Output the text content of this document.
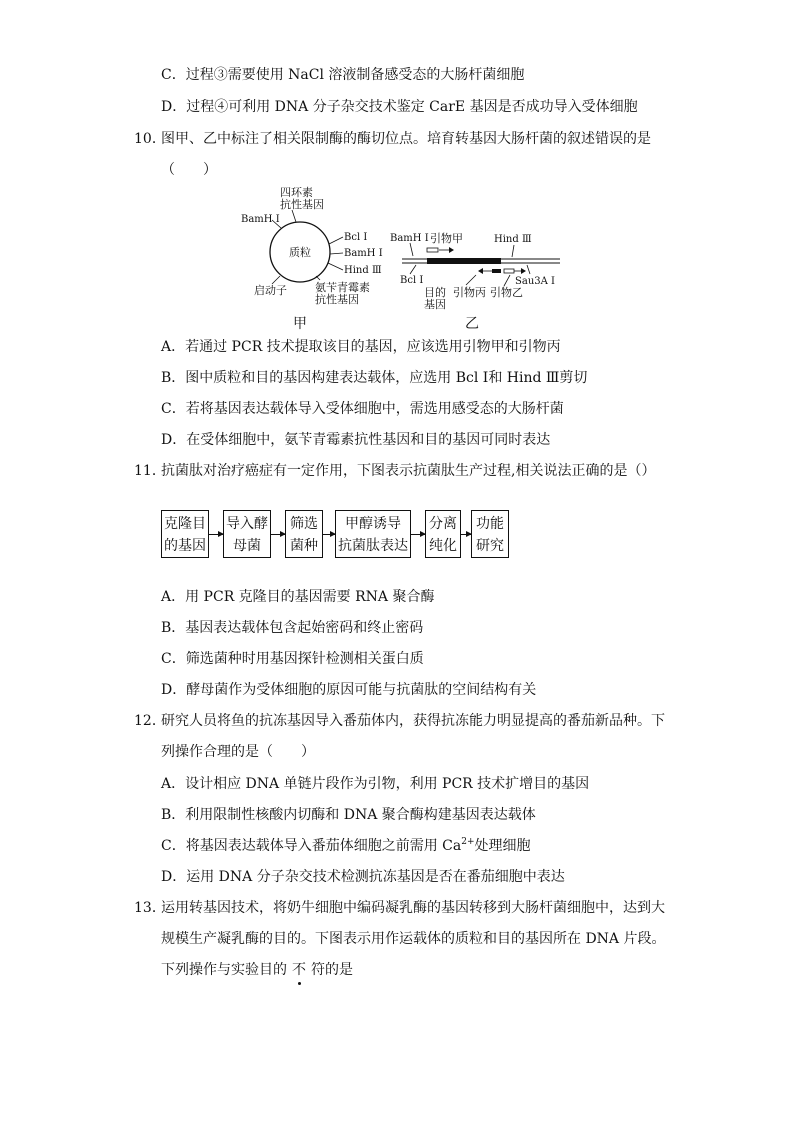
C．过程③需要使用 NaCl 溶液制备感受态的大肠杆菌细胞
D．过程④可利用 DNA 分子杂交技术鉴定 CarE 基因是否成功导入受体细胞
10．
图甲、乙中标注了相关限制酶的酶切位点。培育转基因大肠杆菌的叙述错误的是
（　　）
质粒
四环素
抗性基因
BamH I
Bcl I
BamH I
Hind Ⅲ
氨苄青霉素
抗性基因
启动子
甲
BamH I 引物甲	Hind Ⅲ
Bcl I
目的
基因
引物丙 引物乙
Sau3A I
乙
A．若通过 PCR 技术提取该目的基因，应该选用引物甲和引物丙
B．图中质粒和目的基因构建表达载体，应选用 Bcl Ⅰ和 Hind Ⅲ剪切
C．若将基因表达载体导入受体细胞中，需选用感受态的大肠杆菌
D．在受体细胞中，氨苄青霉素抗性基因和目的基因可同时表达
11．
抗菌肽对治疗癌症有一定作用，下图表示抗菌肽生产过程,相关说法正确的是（）
克隆目
的基因
导入酵
母菌
筛选
菌种
甲醇诱导
抗菌肽表达
分离
纯化
功能
研究
A．用 PCR 克隆目的基因需要 RNA 聚合酶
B．基因表达载体包含起始密码和终止密码
C．筛选菌种时用基因探针检测相关蛋白质
D．酵母菌作为受体细胞的原因可能与抗菌肽的空间结构有关
12．
研究人员将鱼的抗冻基因导入番茄体内，获得抗冻能力明显提高的番茄新品种。下
列操作合理的是（　　）
A．设计相应 DNA 单链片段作为引物，利用 PCR 技术扩增目的基因
B．利用限制性核酸内切酶和 DNA 聚合酶构建基因表达载体
C．将基因表达载体导入番茄体细胞之前需用 $Ca^{2+}$处理细胞
D．运用 DNA 分子杂交技术检测抗冻基因是否在番茄细胞中表达
13．
运用转基因技术，将奶牛细胞中编码凝乳酶的基因转移到大肠杆菌细胞中，达到大
规模生产凝乳酶的目的。下图表示用作运载体的质粒和目的基因所在 DNA 片段。
下列操作与实验目的 不 符的是
